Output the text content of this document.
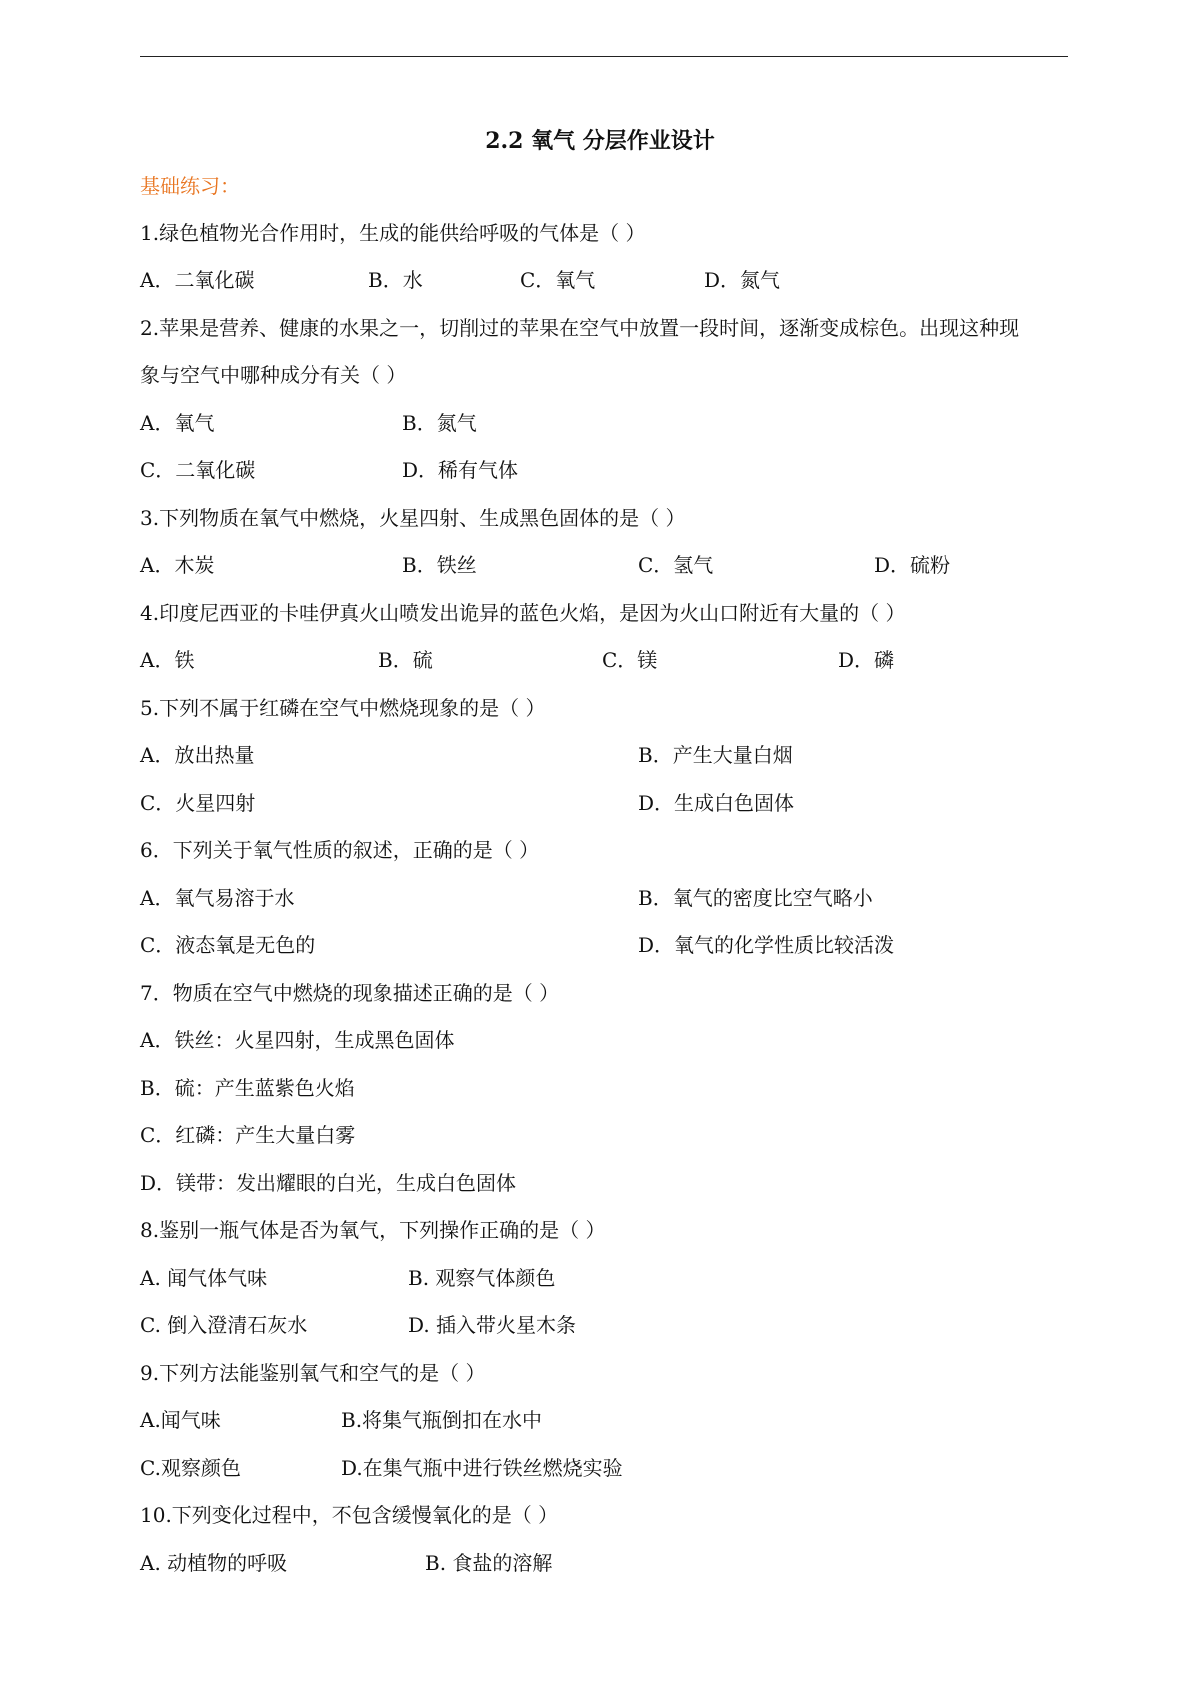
2.2 氧气 分层作业设计
基础练习：
1.绿色植物光合作用时，生成的能供给呼吸的气体是（ ）
A．二氧化碳	B．水	C．氧气	D．氮气
2.苹果是营养、健康的水果之一，切削过的苹果在空气中放置一段时间，逐渐变成棕色。出现这种现
象与空气中哪种成分有关（ ）
A．氧气	B．氮气
C．二氧化碳	D．稀有气体
3.下列物质在氧气中燃烧，火星四射、生成黑色固体的是（ ）
A．木炭	B．铁丝	C．氢气	D．硫粉
4.印度尼西亚的卡哇伊真火山喷发出诡异的蓝色火焰，是因为火山口附近有大量的（ ）
A．铁	B．硫	C．镁	D．磷
5.下列不属于红磷在空气中燃烧现象的是（ ）
A．放出热量	B．产生大量白烟
C．火星四射	D．生成白色固体
6．下列关于氧气性质的叙述，正确的是（ ）
A．氧气易溶于水	B．氧气的密度比空气略小
C．液态氧是无色的	D．氧气的化学性质比较活泼
7．物质在空气中燃烧的现象描述正确的是（ ）
A．铁丝：火星四射，生成黑色固体
B．硫：产生蓝紫色火焰
C．红磷：产生大量白雾
D．镁带：发出耀眼的白光，生成白色固体
8.鉴别一瓶气体是否为氧气，下列操作正确的是（ ）
A. 闻气体气味	B. 观察气体颜色
C. 倒入澄清石灰水	D. 插入带火星木条
9.下列方法能鉴别氧气和空气的是（ ）
A.闻气味	B.将集气瓶倒扣在水中
C.观察颜色	D.在集气瓶中进行铁丝燃烧实验
10.下列变化过程中，不包含缓慢氧化的是（ ）
A. 动植物的呼吸	B. 食盐的溶解
